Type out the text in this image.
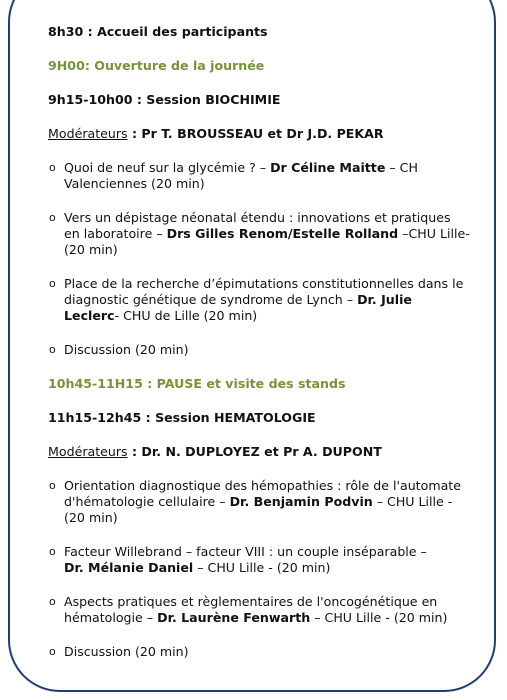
8h30 : Accueil des participants
9H00: Ouverture de la journée
9h15-10h00 : Session BIOCHIMIE
Modérateurs : Pr T. BROUSSEAU et Dr J.D. PEKAR
o Quoi de neuf sur la glycémie ? – Dr Céline Maitte – CH
Valenciennes (20 min)
o Vers un dépistage néonatal étendu : innovations et pratiques
en laboratoire – Drs Gilles Renom/Estelle Rolland –CHU Lille-
(20 min)
o Place de la recherche d’épimutations constitutionnelles dans le
diagnostic génétique de syndrome de Lynch – Dr. Julie
Leclerc- CHU de Lille (20 min)
o Discussion (20 min)
10h45-11H15 : PAUSE et visite des stands
11h15-12h45 : Session HEMATOLOGIE
Modérateurs : Dr. N. DUPLOYEZ et Pr A. DUPONT
o Orientation diagnostique des hémopathies : rôle de l'automate
d'hématologie cellulaire – Dr. Benjamin Podvin – CHU Lille -
(20 min)
o Facteur Willebrand – facteur VIII : un couple inséparable –
Dr. Mélanie Daniel – CHU Lille - (20 min)
o Aspects pratiques et règlementaires de l'oncogénétique en
hématologie – Dr. Laurène Fenwarth – CHU Lille - (20 min)
o Discussion (20 min)
